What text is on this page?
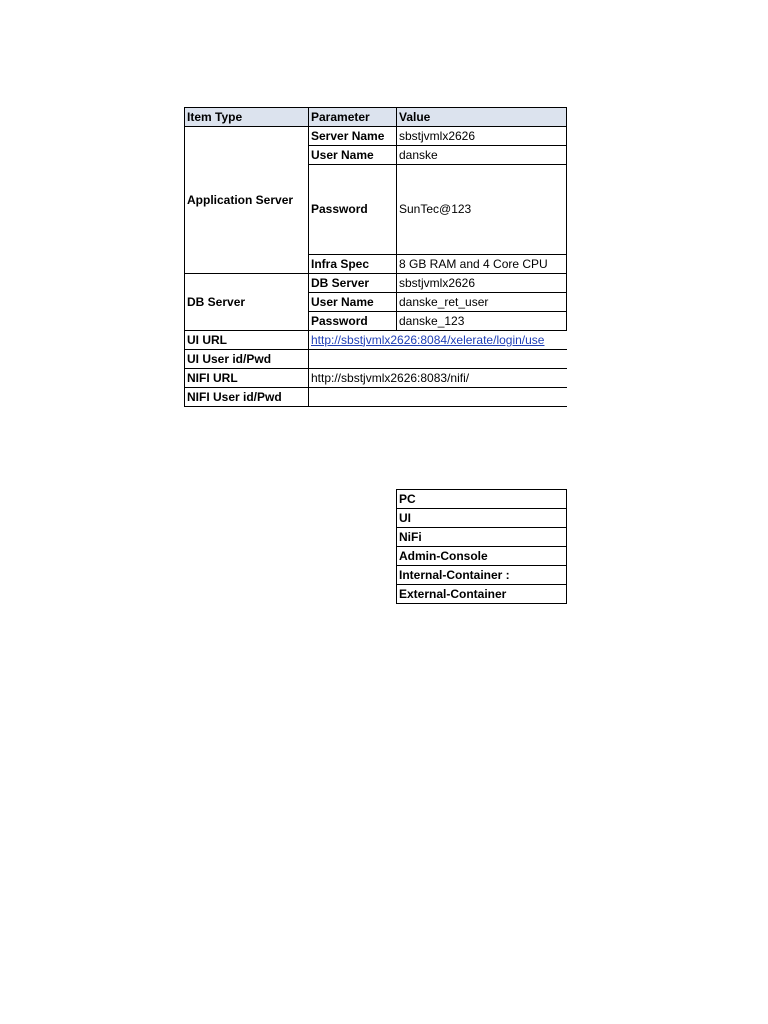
Item Type	Parameter	Value
Application Server	Server Name	sbstjvmlx2626
	User Name	danske
	Password	SunTec@123
	Infra Spec	8 GB RAM and 4 Core CPU
DB Server	DB Server	sbstjvmlx2626
	User Name	danske_ret_user
	Password	danske_123
UI URL	http://sbstjvmlx2626:8084/xelerate/login/use	
UI User id/Pwd		
NIFI URL	http://sbstjvmlx2626:8083/nifi/	
NIFI User id/Pwd		
PC
UI
NiFi
Admin-Console
Internal-Container :
External-Container
